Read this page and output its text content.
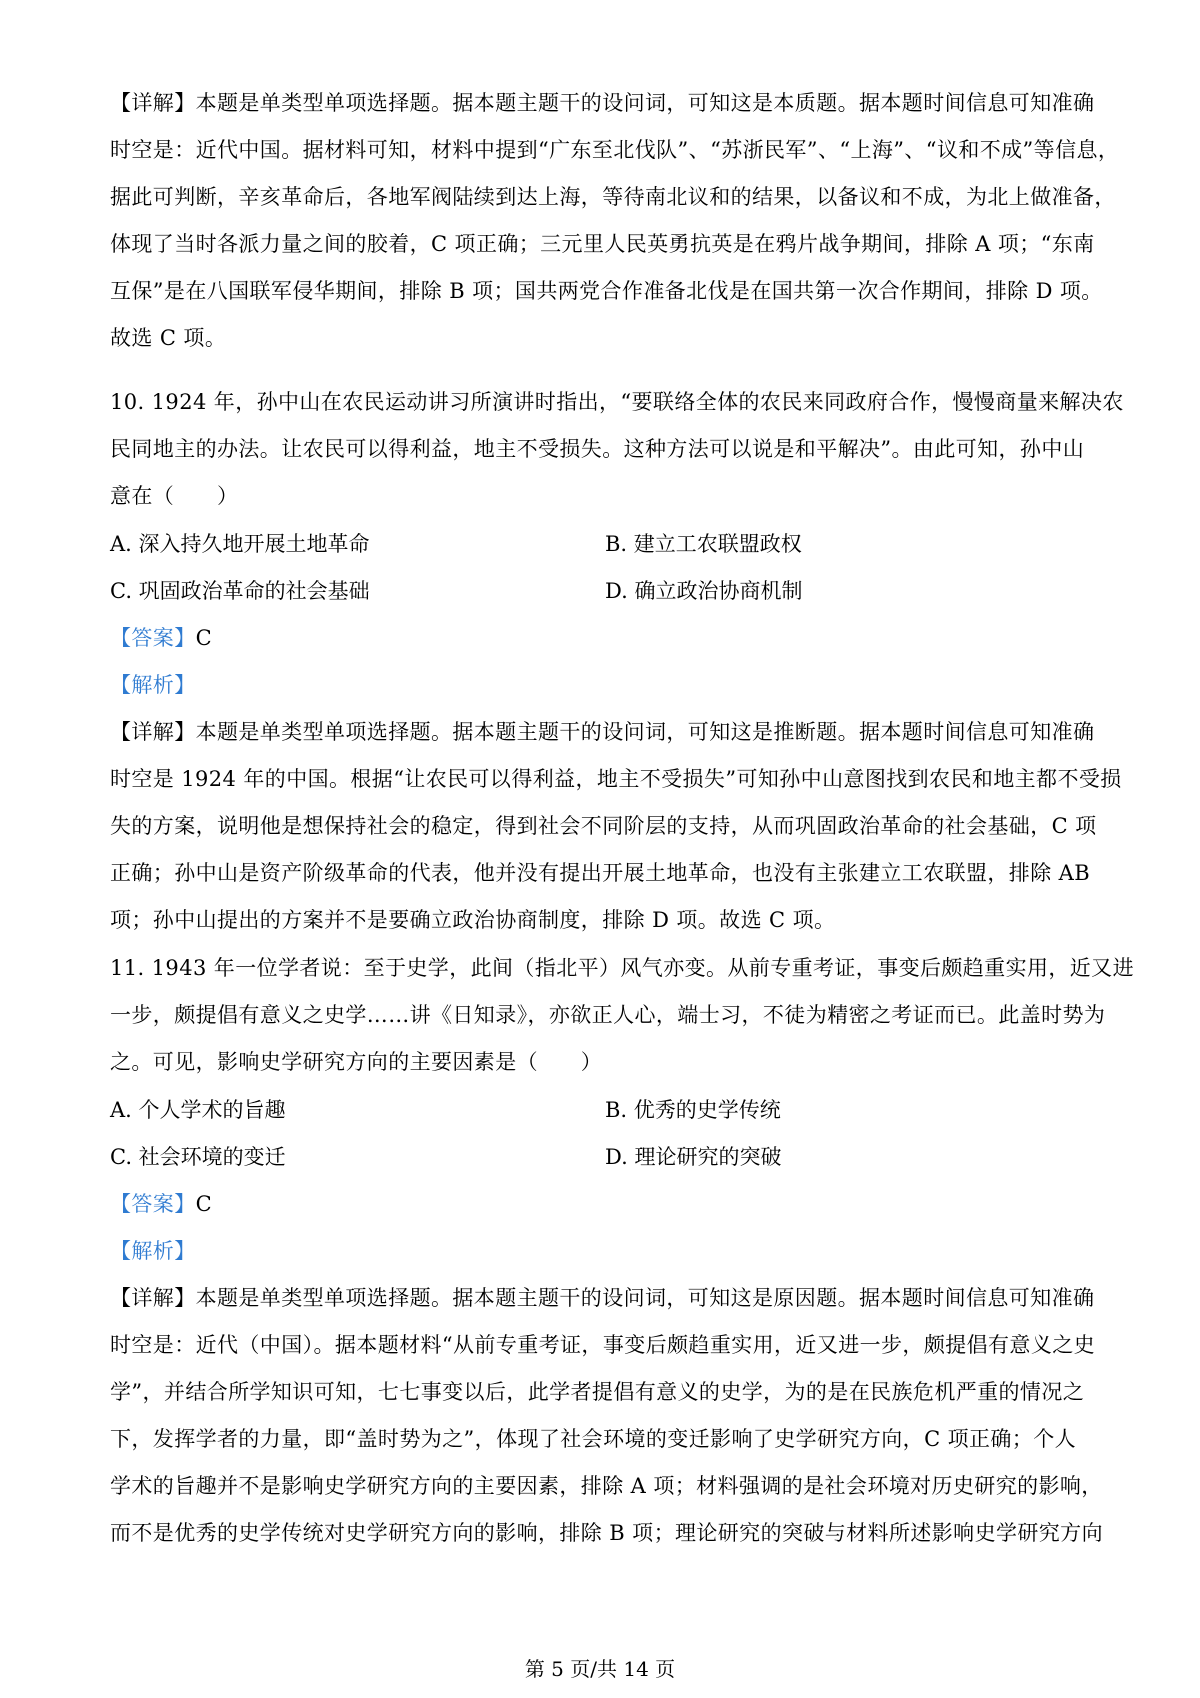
【详解】本题是单类型单项选择题。据本题主题干的设问词，可知这是本质题。据本题时间信息可知准确
时空是：近代中国。据材料可知，材料中提到“广东至北伐队”、“苏浙民军”、“上海”、“议和不成”等信息，
据此可判断，辛亥革命后，各地军阀陆续到达上海，等待南北议和的结果，以备议和不成，为北上做准备，
体现了当时各派力量之间的胶着，C 项正确；三元里人民英勇抗英是在鸦片战争期间，排除 A 项；“东南
互保”是在八国联军侵华期间，排除 B 项；国共两党合作准备北伐是在国共第一次合作期间，排除 D 项。
故选 C 项。
10. 1924 年，孙中山在农民运动讲习所演讲时指出，“要联络全体的农民来同政府合作，慢慢商量来解决农
民同地主的办法。让农民可以得利益，地主不受损失。这种方法可以说是和平解决”。由此可知，孙中山
意在（　　）
A. 深入持久地开展土地革命	B. 建立工农联盟政权
C. 巩固政治革命的社会基础	D. 确立政治协商机制
【答案】C
【解析】
【详解】本题是单类型单项选择题。据本题主题干的设问词，可知这是推断题。据本题时间信息可知准确
时空是 1924 年的中国。根据“让农民可以得利益，地主不受损失”可知孙中山意图找到农民和地主都不受损
失的方案，说明他是想保持社会的稳定，得到社会不同阶层的支持，从而巩固政治革命的社会基础，C 项
正确；孙中山是资产阶级革命的代表，他并没有提出开展土地革命，也没有主张建立工农联盟，排除 AB
项；孙中山提出的方案并不是要确立政治协商制度，排除 D 项。故选 C 项。
11. 1943 年一位学者说：至于史学，此间（指北平）风气亦变。从前专重考证，事变后颇趋重实用，近又进
一步，颇提倡有意义之史学……讲《日知录》，亦欲正人心，端士习，不徒为精密之考证而已。此盖时势为
之。可见，影响史学研究方向的主要因素是（　　）
A. 个人学术的旨趣	B. 优秀的史学传统
C. 社会环境的变迁	D. 理论研究的突破
【答案】C
【解析】
【详解】本题是单类型单项选择题。据本题主题干的设问词，可知这是原因题。据本题时间信息可知准确
时空是：近代（中国）。据本题材料“从前专重考证，事变后颇趋重实用，近又进一步，颇提倡有意义之史
学”，并结合所学知识可知，七七事变以后，此学者提倡有意义的史学，为的是在民族危机严重的情况之
下，发挥学者的力量，即“盖时势为之”，体现了社会环境的变迁影响了史学研究方向，C 项正确；个人
学术的旨趣并不是影响史学研究方向的主要因素，排除 A 项；材料强调的是社会环境对历史研究的影响，
而不是优秀的史学传统对史学研究方向的影响，排除 B 项；理论研究的突破与材料所述影响史学研究方向
第 5 页/共 14 页
